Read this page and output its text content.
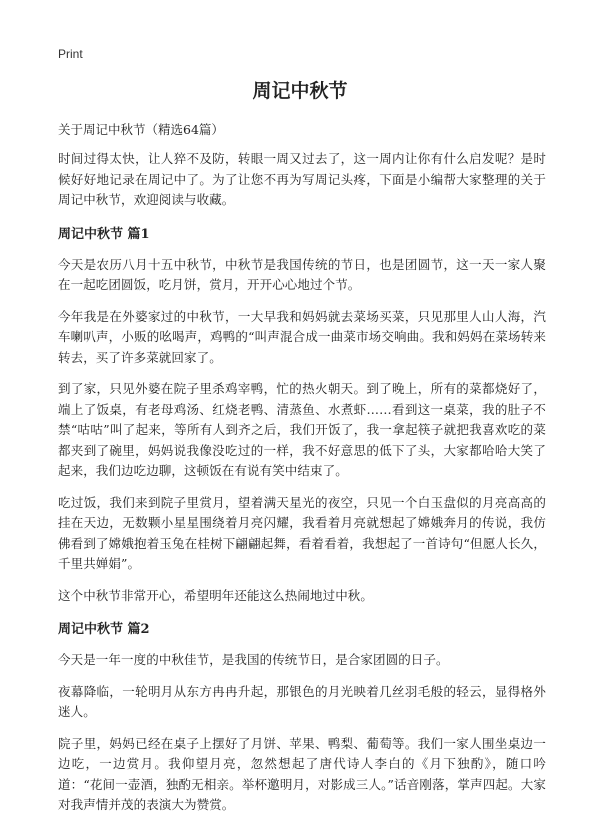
Print
周记中秋节
关于周记中秋节（精选64篇）

时间过得太快，让人猝不及防，转眼一周又过去了，这一周内让你有什么启发呢？是时候好好地记录在周记中了。为了让您不再为写周记头疼，下面是小编帮大家整理的关于周记中秋节，欢迎阅读与收藏。

周记中秋节 篇1

今天是农历八月十五中秋节，中秋节是我国传统的节日，也是团圆节，这一天一家人聚在一起吃团圆饭，吃月饼，赏月，开开心心地过个节。

今年我是在外婆家过的中秋节，一大早我和妈妈就去菜场买菜，只见那里人山人海，汽车喇叭声，小贩的吆喝声，鸡鸭的“叫声混合成一曲菜市场交响曲。我和妈妈在菜场转来转去，买了许多菜就回家了。

到了家，只见外婆在院子里杀鸡宰鸭，忙的热火朝天。到了晚上，所有的菜都烧好了，端上了饭桌，有老母鸡汤、红烧老鸭、清蒸鱼、水煮虾……看到这一桌菜，我的肚子不禁“咕咕”叫了起来，等所有人到齐之后，我们开饭了，我一拿起筷子就把我喜欢吃的菜都夹到了碗里，妈妈说我像没吃过的一样，我不好意思的低下了头，大家都哈哈大笑了起来，我们边吃边聊，这顿饭在有说有笑中结束了。

吃过饭，我们来到院子里赏月，望着满天星光的夜空，只见一个白玉盘似的月亮高高的挂在天边，无数颗小星星围绕着月亮闪耀，我看着月亮就想起了嫦娥奔月的传说，我仿佛看到了嫦娥抱着玉兔在桂树下翩翩起舞，看着看着，我想起了一首诗句“但愿人长久，千里共婵娟”。

这个中秋节非常开心，希望明年还能这么热闹地过中秋。

周记中秋节 篇2

今天是一年一度的中秋佳节，是我国的传统节日，是合家团圆的日子。

夜幕降临，一轮明月从东方冉冉升起，那银色的月光映着几丝羽毛般的轻云，显得格外迷人。

院子里，妈妈已经在桌子上摆好了月饼、苹果、鸭梨、葡萄等。我们一家人围坐桌边一边吃，一边赏月。我仰望月亮，忽然想起了唐代诗人李白的《月下独酌》，随口吟道：“花间一壶酒，独酌无相亲。举杯邀明月，对影成三人。”话音刚落，掌声四起。大家对我声情并茂的表演大为赞赏。
